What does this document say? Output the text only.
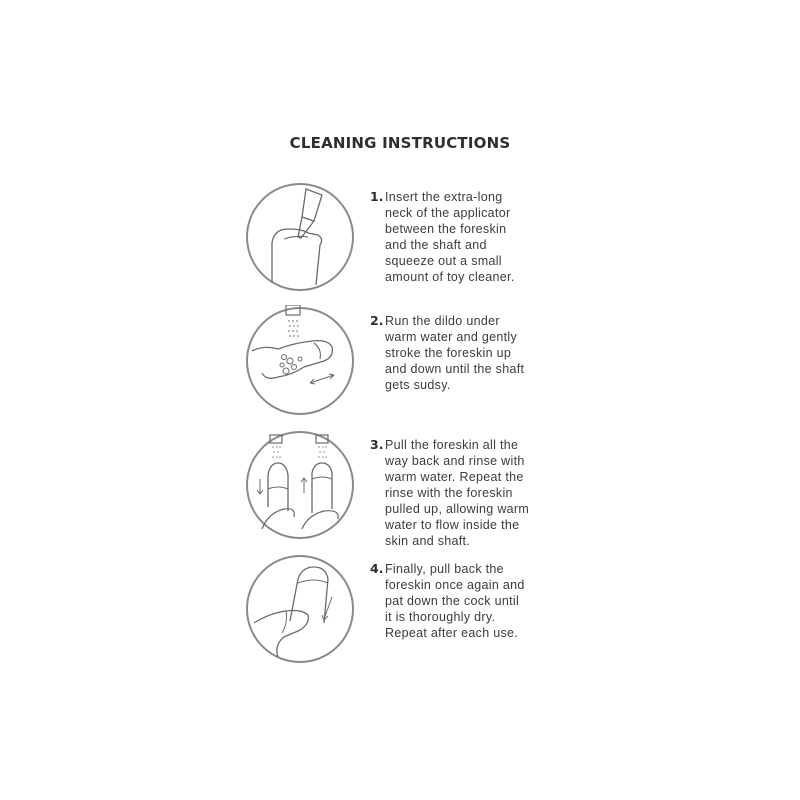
CLEANING INSTRUCTIONS
1. Insert the extra-long
neck of the applicator
between the foreskin
and the shaft and
squeeze out a small
amount of toy cleaner.
2. Run the dildo under
warm water and gently
stroke the foreskin up
and down until the shaft
gets sudsy.
3. Pull the foreskin all the
way back and rinse with
warm water. Repeat the
rinse with the foreskin
pulled up, allowing warm
water to flow inside the
skin and shaft.
4. Finally, pull back the
foreskin once again and
pat down the cock until
it is thoroughly dry.
Repeat after each use.
